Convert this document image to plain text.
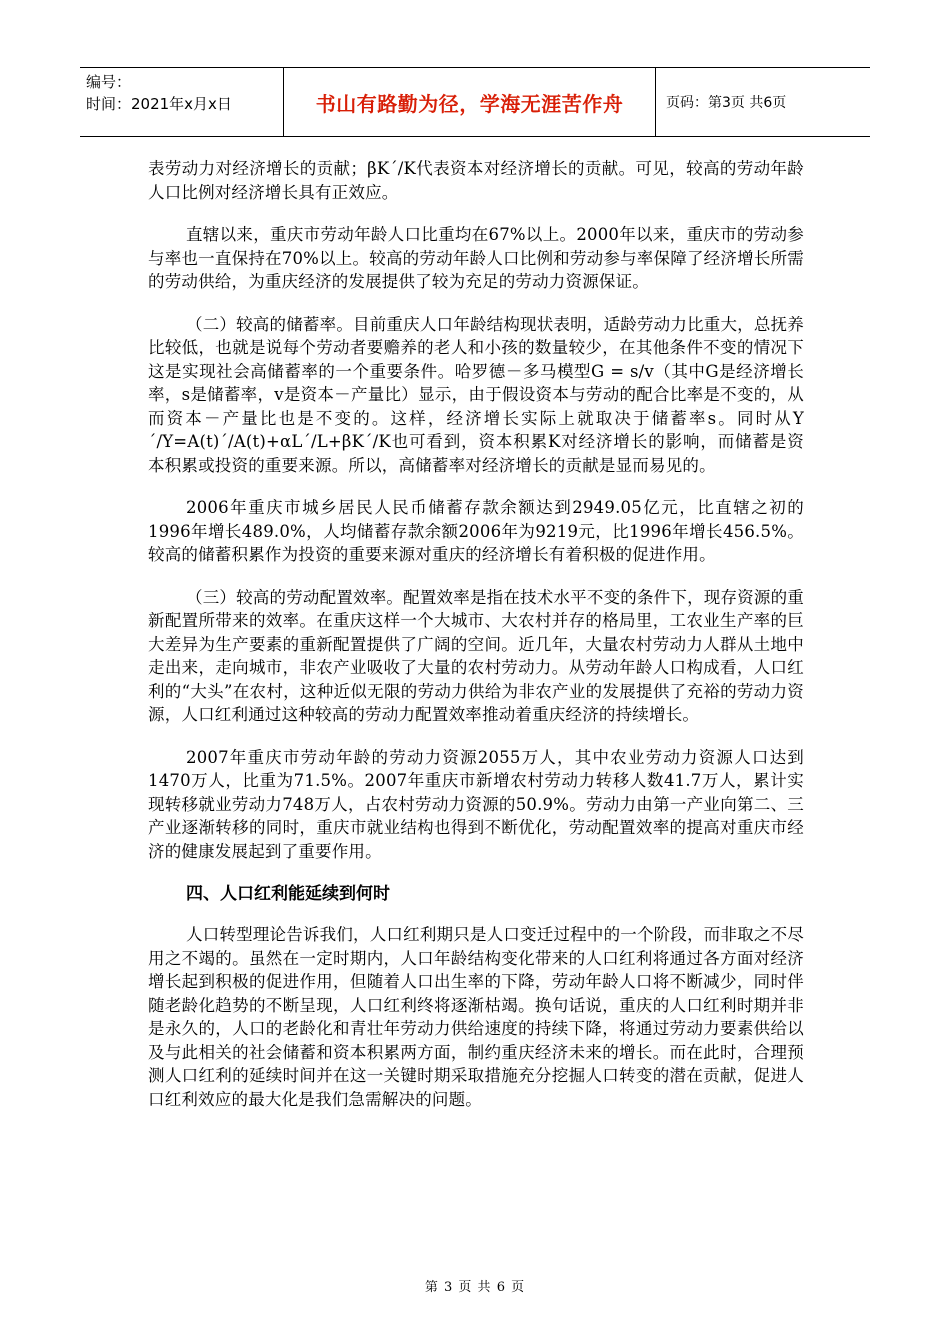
编号：
时间：2021年x月x日	书山有路勤为径，学海无涯苦作舟	页码：第3页 共6页

表劳动力对经济增长的贡献；βK´/K代表资本对经济增长的贡献。可见，较高的劳动年龄人口比例对经济增长具有正效应。

直辖以来，重庆市劳动年龄人口比重均在67%以上。2000年以来，重庆市的劳动参与率也一直保持在70%以上。较高的劳动年龄人口比例和劳动参与率保障了经济增长所需的劳动供给，为重庆经济的发展提供了较为充足的劳动力资源保证。

（二）较高的储蓄率。目前重庆人口年龄结构现状表明，适龄劳动力比重大，总抚养比较低，也就是说每个劳动者要赡养的老人和小孩的数量较少，在其他条件不变的情况下这是实现社会高储蓄率的一个重要条件。哈罗德－多马模型G = s/v（其中G是经济增长率，s是储蓄率，v是资本－产量比）显示，由于假设资本与劳动的配合比率是不变的，从而资本－产量比也是不变的。这样，经济增长实际上就取决于储蓄率s。同时从Y´/Y=A(t)´/A(t)+αL´/L+βK´/K也可看到，资本积累K对经济增长的影响，而储蓄是资本积累或投资的重要来源。所以，高储蓄率对经济增长的贡献是显而易见的。

2006年重庆市城乡居民人民币储蓄存款余额达到2949.05亿元，比直辖之初的1996年增长489.0%，人均储蓄存款余额2006年为9219元，比1996年增长456.5%。较高的储蓄积累作为投资的重要来源对重庆的经济增长有着积极的促进作用。

（三）较高的劳动配置效率。配置效率是指在技术水平不变的条件下，现存资源的重新配置所带来的效率。在重庆这样一个大城市、大农村并存的格局里，工农业生产率的巨大差异为生产要素的重新配置提供了广阔的空间。近几年，大量农村劳动力人群从土地中走出来，走向城市，非农产业吸收了大量的农村劳动力。从劳动年龄人口构成看，人口红利的“大头”在农村，这种近似无限的劳动力供给为非农产业的发展提供了充裕的劳动力资源，人口红利通过这种较高的劳动力配置效率推动着重庆经济的持续增长。

2007年重庆市劳动年龄的劳动力资源2055万人，其中农业劳动力资源人口达到1470万人，比重为71.5%。2007年重庆市新增农村劳动力转移人数41.7万人，累计实现转移就业劳动力748万人，占农村劳动力资源的50.9%。劳动力由第一产业向第二、三产业逐渐转移的同时，重庆市就业结构也得到不断优化，劳动配置效率的提高对重庆市经济的健康发展起到了重要作用。

四、人口红利能延续到何时

人口转型理论告诉我们，人口红利期只是人口变迁过程中的一个阶段，而非取之不尽用之不竭的。虽然在一定时期内，人口年龄结构变化带来的人口红利将通过各方面对经济增长起到积极的促进作用，但随着人口出生率的下降，劳动年龄人口将不断减少，同时伴随老龄化趋势的不断呈现，人口红利终将逐渐枯竭。换句话说，重庆的人口红利时期并非是永久的，人口的老龄化和青壮年劳动力供给速度的持续下降，将通过劳动力要素供给以及与此相关的社会储蓄和资本积累两方面，制约重庆经济未来的增长。而在此时，合理预测人口红利的延续时间并在这一关键时期采取措施充分挖掘人口转变的潜在贡献，促进人口红利效应的最大化是我们急需解决的问题。

第 3 页 共 6 页
